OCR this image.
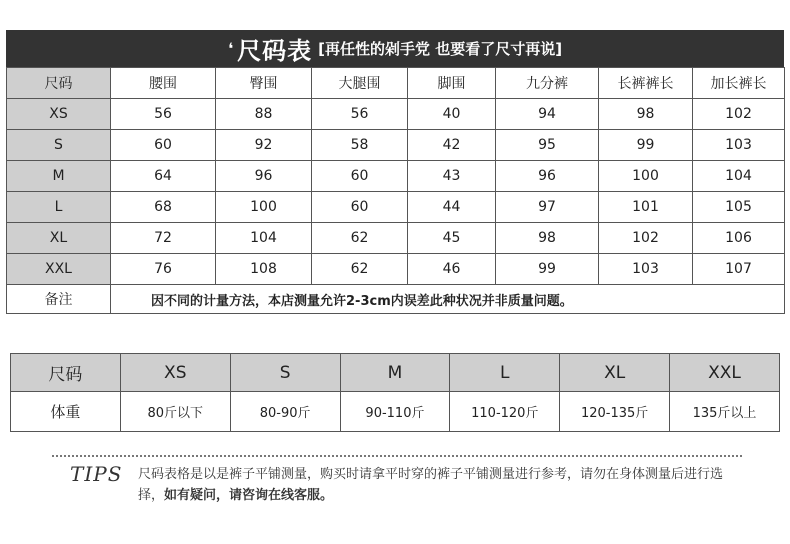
❛ 尺码表 [再任性的剁手党 也要看了尺寸再说]
尺码	腰围	臀围	大腿围	脚围	九分裤	长裤裤长	加长裤长
XS	56	88	56	40	94	98	102
S	60	92	58	42	95	99	103
M	64	96	60	43	96	100	104
L	68	100	60	44	97	101	105
XL	72	104	62	45	98	102	106
XXL	76	108	62	46	99	103	107
备注	因不同的计量方法，本店测量允许2-3cm内误差此种状况并非质量问题。						
尺码	XS	S	M	L	XL	XXL
体重	80斤以下	80-90斤	90-110斤	110-120斤	120-135斤	135斤以上
TIPS 尺码表格是以是裤子平铺测量，购买时请拿平时穿的裤子平铺测量进行参考，请勿在身体测量后进行选择，如有疑问，请咨询在线客服。
